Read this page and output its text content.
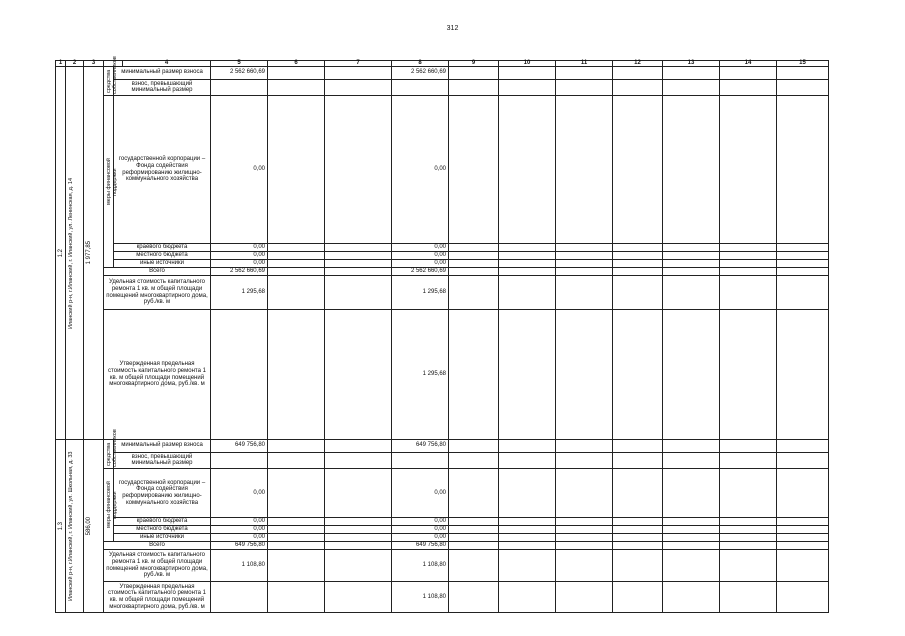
312
1	2	3			4	5	6	7	8	9	10	11	12	13	14	15

1.2	Иланский р-н, г.Иланский, г. Иланский, ул. Ленинская, д. 14	1 977,85	средства собственников	минимальный размер взноса		2 562 660,69			2 562 660,69							
				взнос, превышающий минимальный размер												

			меры финансовой поддержки	государственной корпорации – Фонда содействия реформированию жилищно-коммунального хозяйства		0,00			0,00							
				краевого бюджета		0,00			0,00							
				местного бюджета		0,00			0,00							
				иные источники		0,00			0,00							
			Всего			2 562 660,69			2 562 660,69							
			Удельная стоимость капитального ремонта 1 кв. м общей площади помещений многоквартирного дома, руб./кв. м			1 295,68			1 295,68							
			Утвержденная предельная стоимость капитального ремонта 1 кв. м общей площади помещений многоквартирного дома, руб./кв. м						1 295,68							

1.3	Иланский р-н, г.Иланский, г. Иланский, ул. Школьная, д. 33	586,00	средства собственников	минимальный размер взноса		649 756,80			649 756,80							
				взнос, превышающий минимальный размер												

			меры финансовой поддержки	государственной корпорации – Фонда содействия реформированию жилищно-коммунального хозяйства		0,00			0,00							
				краевого бюджета		0,00			0,00							
				местного бюджета		0,00			0,00							
				иные источники		0,00			0,00							
			Всего			649 756,80			649 756,80							
			Удельная стоимость капитального ремонта 1 кв. м общей площади помещений многоквартирного дома, руб./кв. м			1 108,80			1 108,80							
			Утвержденная предельная стоимость капитального ремонта 1 кв. м общей площади помещений многоквартирного дома, руб./кв. м						1 108,80							
